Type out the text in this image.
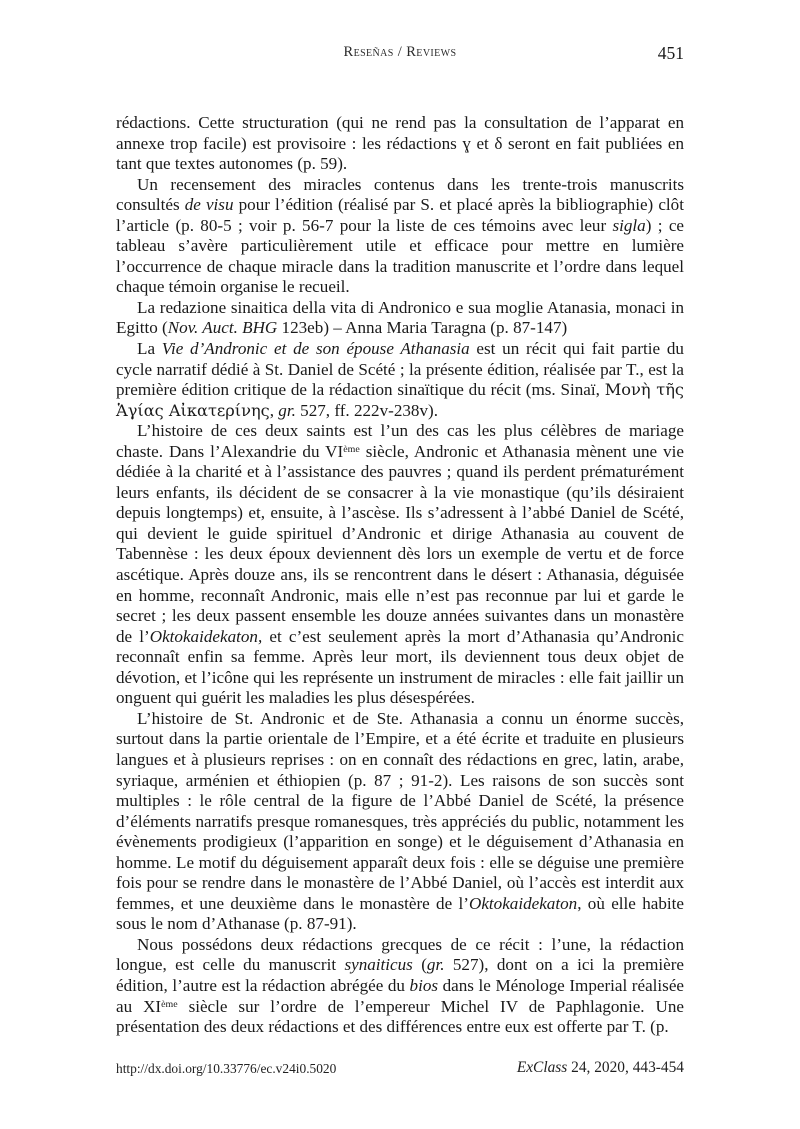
Reseñas / Reviews	451

rédactions. Cette structuration (qui ne rend pas la consultation de l’apparat en annexe trop facile) est provisoire : les rédactions ɣ et δ seront en fait publiées en tant que textes autonomes (p. 59).

Un recensement des miracles contenus dans les trente-trois manuscrits consultés de visu pour l’édition (réalisé par S. et placé après la bibliographie) clôt l’article (p. 80-5 ; voir p. 56-7 pour la liste de ces témoins avec leur sigla) ; ce tableau s’avère particulièrement utile et efficace pour mettre en lumière l’occurrence de chaque miracle dans la tradition manuscrite et l’ordre dans lequel chaque témoin organise le recueil.

La redazione sinaitica della vita di Andronico e sua moglie Atanasia, monaci in Egitto (Nov. Auct. BHG 123eb) – Anna Maria Taragna (p. 87-147)

La Vie d’Andronic et de son épouse Athanasia est un récit qui fait partie du cycle narratif dédié à St. Daniel de Scété ; la présente édition, réalisée par T., est la première édition critique de la rédaction sinaïtique du récit (ms. Sinaï, Μονὴ τῆς Ἁγίας Αἰκατερίνης, gr. 527, ff. 222v-238v).

L’histoire de ces deux saints est l’un des cas les plus célèbres de mariage chaste. Dans l’Alexandrie du VIème siècle, Andronic et Athanasia mènent une vie dédiée à la charité et à l’assistance des pauvres ; quand ils perdent prématurément leurs enfants, ils décident de se consacrer à la vie monastique (qu’ils désiraient depuis longtemps) et, ensuite, à l’ascèse. Ils s’adressent à l’abbé Daniel de Scété, qui devient le guide spirituel d’Andronic et dirige Athanasia au couvent de Tabennèse : les deux époux deviennent dès lors un exemple de vertu et de force ascétique. Après douze ans, ils se rencontrent dans le désert : Athanasia, déguisée en homme, reconnaît Andronic, mais elle n’est pas reconnue par lui et garde le secret ; les deux passent ensemble les douze années suivantes dans un monastère de l’Oktokaidekaton, et c’est seulement après la mort d’Athanasia qu’Andronic reconnaît enfin sa femme. Après leur mort, ils deviennent tous deux objet de dévotion, et l’icône qui les représente un instrument de miracles : elle fait jaillir un onguent qui guérit les maladies les plus désespérées.

L’histoire de St. Andronic et de Ste. Athanasia a connu un énorme succès, surtout dans la partie orientale de l’Empire, et a été écrite et traduite en plusieurs langues et à plusieurs reprises : on en connaît des rédactions en grec, latin, arabe, syriaque, arménien et éthiopien (p. 87 ; 91-2). Les raisons de son succès sont multiples : le rôle central de la figure de l’Abbé Daniel de Scété, la présence d’éléments narratifs presque romanesques, très appréciés du public, notamment les évènements prodigieux (l’apparition en songe) et le déguisement d’Athanasia en homme. Le motif du déguisement apparaît deux fois : elle se déguise une première fois pour se rendre dans le monastère de l’Abbé Daniel, où l’accès est interdit aux femmes, et une deuxième dans le monastère de l’Oktokaidekaton, où elle habite sous le nom d’Athanase (p. 87-91).

Nous possédons deux rédactions grecques de ce récit : l’une, la rédaction longue, est celle du manuscrit synaiticus (gr. 527), dont on a ici la première édition, l’autre est la rédaction abrégée du bios dans le Ménologe Imperial réalisée au XIème siècle sur l’ordre de l’empereur Michel IV de Paphlagonie. Une présentation des deux rédactions et des différences entre eux est offerte par T. (p.

http://dx.doi.org/10.33776/ec.v24i0.5020	ExClass 24, 2020, 443-454
